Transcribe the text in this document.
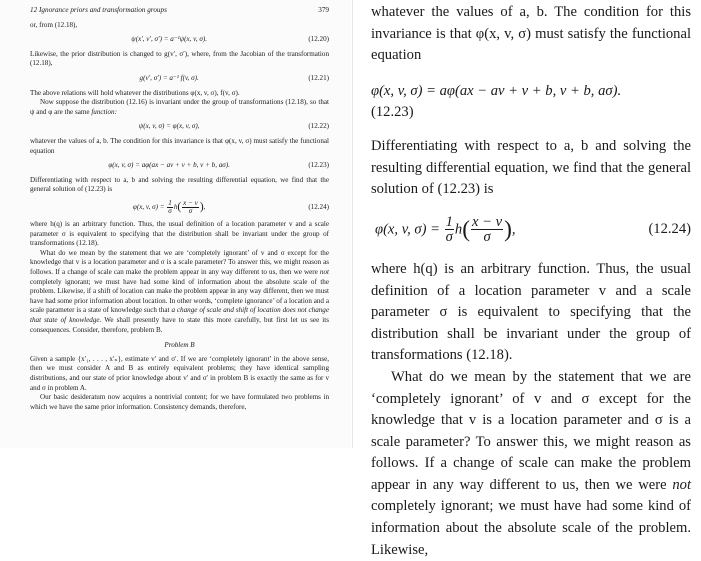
12 Ignorance priors and transformation groups	379

or, from (12.18),

ψ(x′, v′, σ′) = a⁻¹ψ(x, v, σ).	(12.20)

Likewise, the prior distribution is changed to g(v′, σ′), where, from the Jacobian of the transformation (12.18),

g(v′, σ′) = a⁻¹ f(v, σ).	(12.21)

The above relations will hold whatever the distributions φ(x, v, σ), f(v, σ).

Now suppose the distribution (12.16) is invariant under the group of transformations (12.18), so that ψ and φ are the same function:

ψ(x, v, σ) = φ(x, v, σ),	(12.22)

whatever the values of a, b. The condition for this invariance is that φ(x, v, σ) must satisfy the functional equation

φ(x, v, σ) = aφ(ax − av + v + b, v + b, aσ).	(12.23)

Differentiating with respect to a, b and solving the resulting differential equation, we find that the general solution of (12.23) is

φ(x, v, $\sigma) = \frac{1}{\sigma} h( \frac{x - v}{\sigma}$ ),	(12.24)

where h(q) is an arbitrary function. Thus, the usual definition of a location parameter v and a scale parameter σ is equivalent to specifying that the distribution shall be invariant under the group of transformations (12.18).

What do we mean by the statement that we are ‘completely ignorant’ of v and σ except for the knowledge that v is a location parameter and σ is a scale parameter? To answer this, we might reason as follows. If a change of scale can make the problem appear in any way different to us, then we were not completely ignorant; we must have had some kind of information about the absolute scale of the problem. Likewise, if a shift of location can make the problem appear in any way different, then we must have had some prior information about location. In other words, ‘complete ignorance’ of a location and a scale parameter is a state of knowledge such that a change of scale and shift of location does not change that state of knowledge. We shall presently have to state this more carefully, but first let us see its consequences. Consider, therefore, problem B.

Problem B

Given a sample {x′₁, . . . , x′ₙ}, estimate v′ and σ′. If we are ‘completely ignorant’ in the above sense, then we must consider A and B as entirely equivalent problems; they have identical sampling distributions, and our state of prior knowledge about v′ and σ′ in problem B is exactly the same as for v and σ in problem A.

Our basic desideratum now acquires a nontrivial content; for we have formulated two problems in which we have the same prior information. Consistency demands, therefore,

whatever the values of a, b. The condition for this invariance is that φ(x, v, σ) must satisfy the functional equation

φ(x, v, σ) = aφ(ax − av + v + b, v + b, aσ).
(12.23)

Differentiating with respect to a, b and solving the resulting differential equation, we find that the general solution of (12.23) is

φ(x, v, $\sigma) = \frac{1}{\sigma} h( \frac{x - v}{\sigma}$ ),	(12.24)

where h(q) is an arbitrary function. Thus, the usual definition of a location parameter v and a scale parameter σ is equivalent to specifying that the distribution shall be invariant under the group of transformations (12.18).

What do we mean by the statement that we are ‘completely ignorant’ of v and σ except for the knowledge that v is a location parameter and σ is a scale parameter? To answer this, we might reason as follows. If a change of scale can make the problem appear in any way different to us, then we were not completely ignorant; we must have had some kind of information about the absolute scale of the problem. Likewise,
